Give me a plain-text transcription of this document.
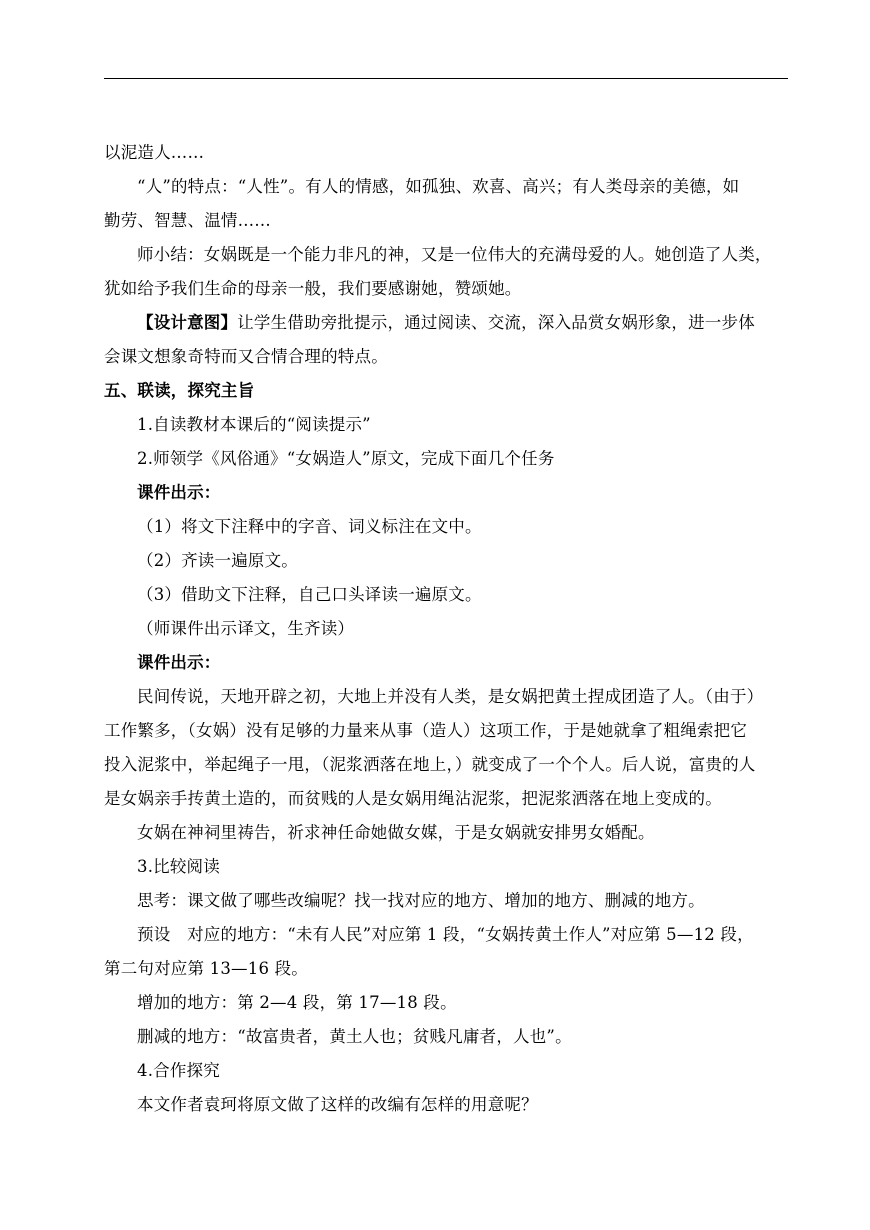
以泥造人……
“人”的特点：“人性”。有人的情感，如孤独、欢喜、高兴；有人类母亲的美德，如
勤劳、智慧、温情……
师小结：女娲既是一个能力非凡的神，又是一位伟大的充满母爱的人。她创造了人类，
犹如给予我们生命的母亲一般，我们要感谢她，赞颂她。
【设计意图】让学生借助旁批提示，通过阅读、交流，深入品赏女娲形象，进一步体
会课文想象奇特而又合情合理的特点。
五、联读，探究主旨
1.自读教材本课后的“阅读提示”
2.师领学《风俗通》“女娲造人”原文，完成下面几个任务
课件出示：
（1）将文下注释中的字音、词义标注在文中。
（2）齐读一遍原文。
（3）借助文下注释，自己口头译读一遍原文。
（师课件出示译文，生齐读）
课件出示：
民间传说，天地开辟之初，大地上并没有人类，是女娲把黄土捏成团造了人。（由于）
工作繁多，（女娲）没有足够的力量来从事（造人）这项工作，于是她就拿了粗绳索把它
投入泥浆中，举起绳子一甩，（泥浆洒落在地上，）就变成了一个个人。后人说，富贵的人
是女娲亲手抟黄土造的，而贫贱的人是女娲用绳沾泥浆，把泥浆洒落在地上变成的。
女娲在神祠里祷告，祈求神任命她做女媒，于是女娲就安排男女婚配。
3.比较阅读
思考：课文做了哪些改编呢？找一找对应的地方、增加的地方、删减的地方。
预设　对应的地方：“未有人民”对应第 1 段，“女娲抟黄土作人”对应第 5—12 段，
第二句对应第 13—16 段。
增加的地方：第 2—4 段，第 17—18 段。
删减的地方：“故富贵者，黄土人也；贫贱凡庸者，人也”。
4.合作探究
本文作者袁珂将原文做了这样的改编有怎样的用意呢？
